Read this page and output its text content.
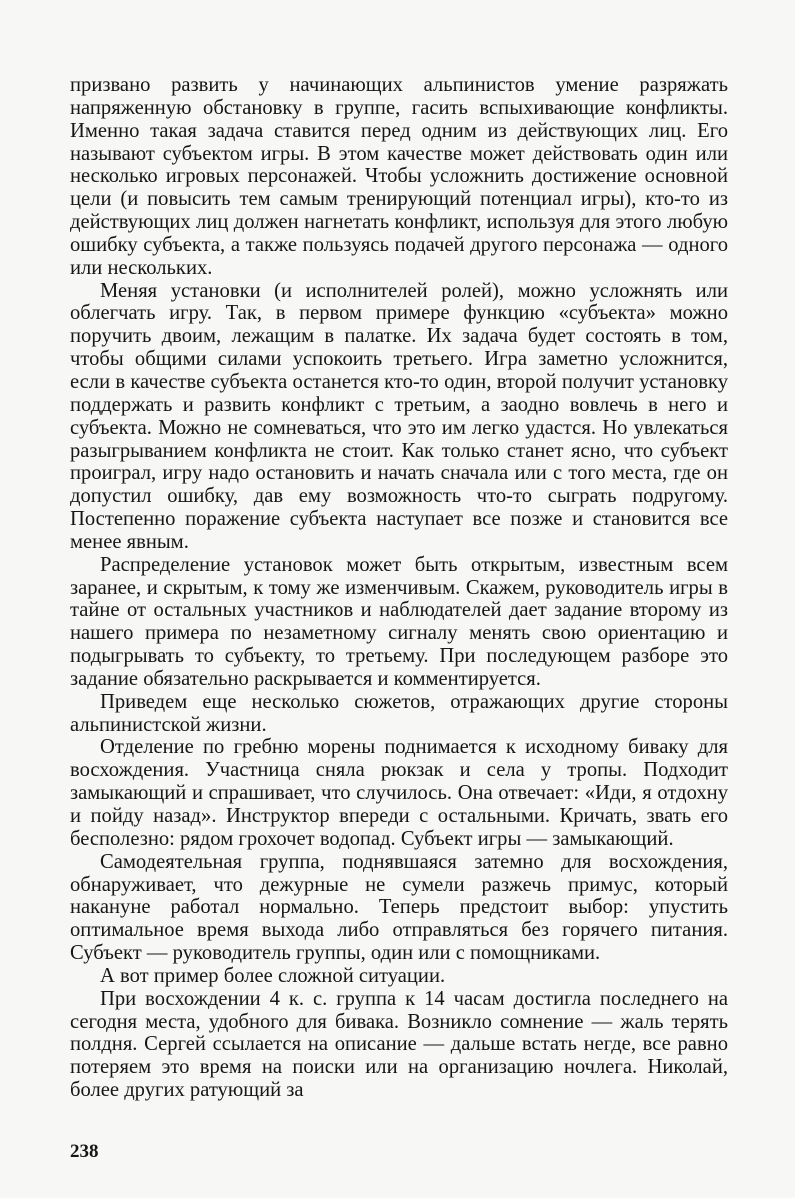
призвано развить у начинающих альпинистов умение разряжать напряженную обстановку в группе, гасить вспыхивающие конфликты. Именно такая задача ставится перед одним из действующих лиц. Его называют субъектом игры. В этом качестве может действовать один или несколько игровых персонажей. Чтобы усложнить достижение основной цели (и повысить тем самым тренирующий потенциал игры), кто-то из действующих лиц должен нагнетать конфликт, используя для этого любую ошибку субъекта, а также пользуясь подачей другого персонажа — одного или нескольких.

Меняя установки (и исполнителей ролей), можно усложнять или облегчать игру. Так, в первом примере функцию «субъекта» можно поручить двоим, лежащим в палатке. Их задача будет состоять в том, чтобы общими силами успокоить третьего. Игра заметно усложнится, если в качестве субъекта останется кто-то один, второй получит установку поддержать и развить конфликт с третьим, а заодно вовлечь в него и субъекта. Можно не сомневаться, что это им легко удастся. Но увлекаться разыгрыванием конфликта не стоит. Как только станет ясно, что субъект проиграл, игру надо остановить и начать сначала или с того места, где он допустил ошибку, дав ему возможность что-то сыграть подругому. Постепенно поражение субъекта наступает все позже и становится все менее явным.

Распределение установок может быть открытым, известным всем заранее, и скрытым, к тому же изменчивым. Скажем, руководитель игры в тайне от остальных участников и наблюдателей дает задание второму из нашего примера по незаметному сигналу менять свою ориентацию и подыгрывать то субъекту, то третьему. При последующем разборе это задание обязательно раскрывается и комментируется.

Приведем еще несколько сюжетов, отражающих другие стороны альпинистской жизни.

Отделение по гребню морены поднимается к исходному бивaку для восхождения. Участница сняла рюкзак и села у тропы. Подходит замыкающий и спрашивает, что случилось. Она отвечает: «Иди, я отдохну и пойду назад». Инструктор впереди с остальными. Кричать, звать его бесполезно: рядом грохочет водопад. Субъект игры — замыкающий.

Самодеятельная группа, поднявшаяся затемно для восхождения, обнаруживает, что дежурные не сумели разжечь примус, который накануне работал нормально. Теперь предстоит выбор: упустить оптимальное время выхода либо отправляться без горячего питания. Субъект — руководитель группы, один или с помощниками.

А вот пример более сложной ситуации.

При восхождении 4 к. с. группа к 14 часам достигла последнего на сегодня места, удобного для бивака. Возникло сомнение — жаль терять полдня. Сергей ссылается на описание — дальше встать негде, все равно потеряем это время на поиски или на организацию ночлега. Николай, более других ратующий за

238
